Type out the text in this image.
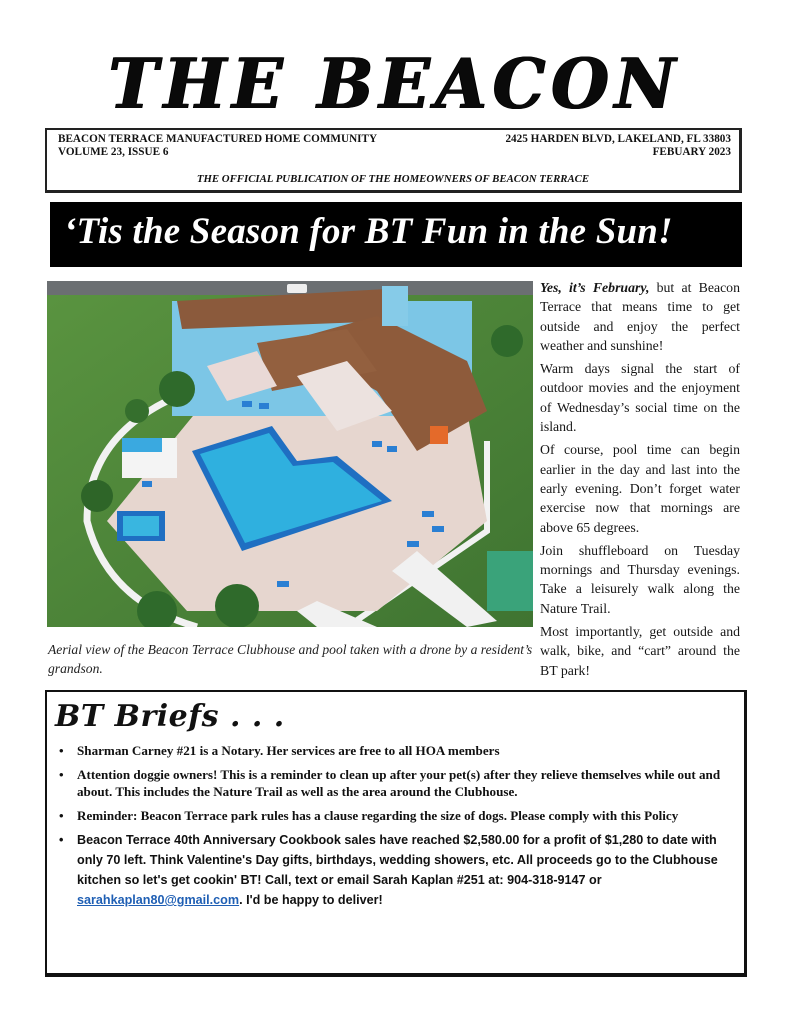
THE BEACON
BEACON TERRACE MANUFACTURED HOME COMMUNITY
VOLUME 23, ISSUE 6
2425 HARDEN BLVD, LAKELAND, FL 33803
FEBUARY 2023
THE OFFICIAL PUBLICATION OF THE HOMEOWNERS OF BEACON TERRACE
‘Tis the Season for BT Fun in the Sun!
Aerial view of the Beacon Terrace Clubhouse and pool taken with a drone by a resident’s grandson.

Yes, it’s February, but at Beacon Terrace that means time to get outside and enjoy the perfect weather and sunshine!

Warm days signal the start of outdoor movies and the enjoyment of Wednesday’s social time on the island.

Of course, pool time can begin earlier in the day and last into the early evening. Don’t forget water exercise now that mornings are above 65 degrees.

Join shuffleboard on Tuesday mornings and Thursday evenings. Take a leisurely walk along the Nature Trail.

Most importantly, get outside and walk, bike, and “cart” around the BT park!

BT Briefs . . .
• Sharman Carney #21 is a Notary. Her services are free to all HOA members
• Attention doggie owners! This is a reminder to clean up after your pet(s) after they relieve themselves while out and about. This includes the Nature Trail as well as the area around the Clubhouse.
• Reminder: Beacon Terrace park rules has a clause regarding the size of dogs. Please comply with this Policy
• Beacon Terrace 40th Anniversary Cookbook sales have reached $2,580.00 for a profit of $1,280 to date with only 70 left. Think Valentine's Day gifts, birthdays, wedding showers, etc. All proceeds go to the Clubhouse kitchen so let's get cookin' BT! Call, text or email Sarah Kaplan #251 at: 904-318-9147 or sarahkaplan80@gmail.com. I'd be happy to deliver!
